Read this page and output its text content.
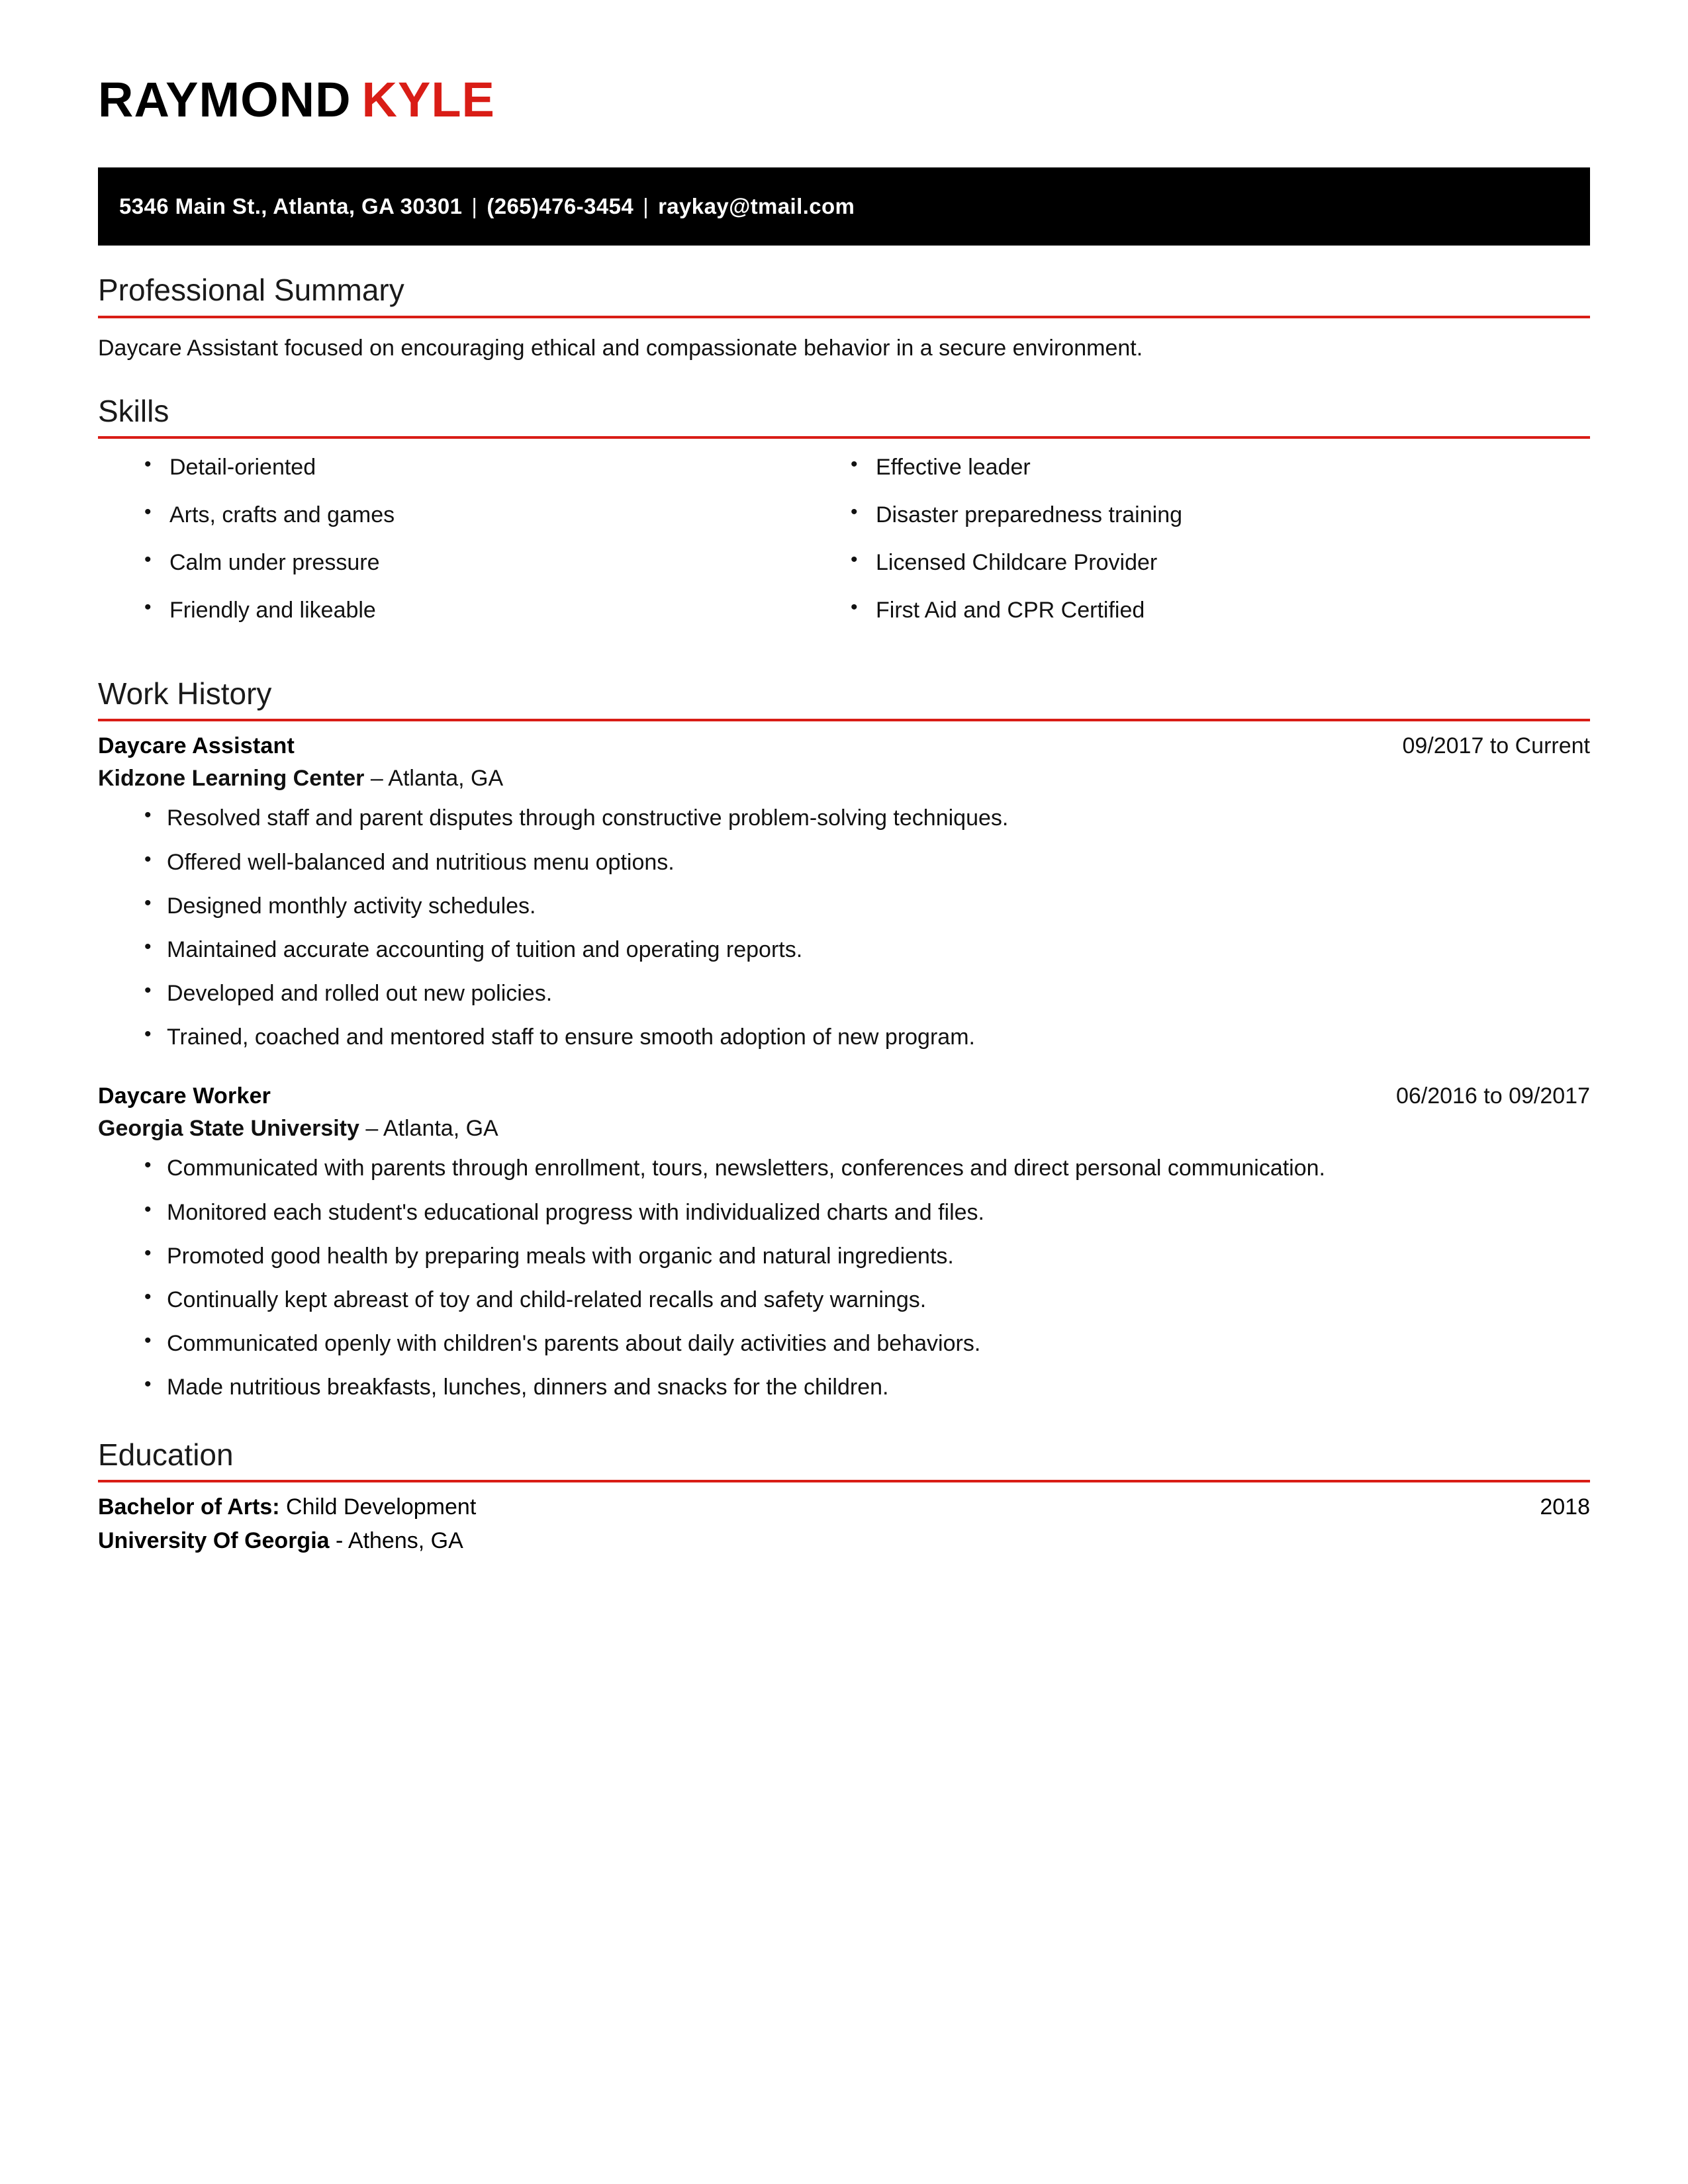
RAYMOND KYLE
5346 Main St., Atlanta, GA 30301 | (265)476-3454 | raykay@tmail.com
Professional Summary
Daycare Assistant focused on encouraging ethical and compassionate behavior in a secure environment.
Skills
• Detail-oriented
• Arts, crafts and games
• Calm under pressure
• Friendly and likeable
• Effective leader
• Disaster preparedness training
• Licensed Childcare Provider
• First Aid and CPR Certified
Work History
Daycare Assistant	09/2017 to Current
Kidzone Learning Center – Atlanta, GA
• Resolved staff and parent disputes through constructive problem-solving techniques.
• Offered well-balanced and nutritious menu options.
• Designed monthly activity schedules.
• Maintained accurate accounting of tuition and operating reports.
• Developed and rolled out new policies.
• Trained, coached and mentored staff to ensure smooth adoption of new program.
Daycare Worker	06/2016 to 09/2017
Georgia State University – Atlanta, GA
• Communicated with parents through enrollment, tours, newsletters, conferences and direct personal communication.
• Monitored each student's educational progress with individualized charts and files.
• Promoted good health by preparing meals with organic and natural ingredients.
• Continually kept abreast of toy and child-related recalls and safety warnings.
• Communicated openly with children's parents about daily activities and behaviors.
• Made nutritious breakfasts, lunches, dinners and snacks for the children.
Education
Bachelor of Arts: Child Development	2018
University Of Georgia - Athens, GA
